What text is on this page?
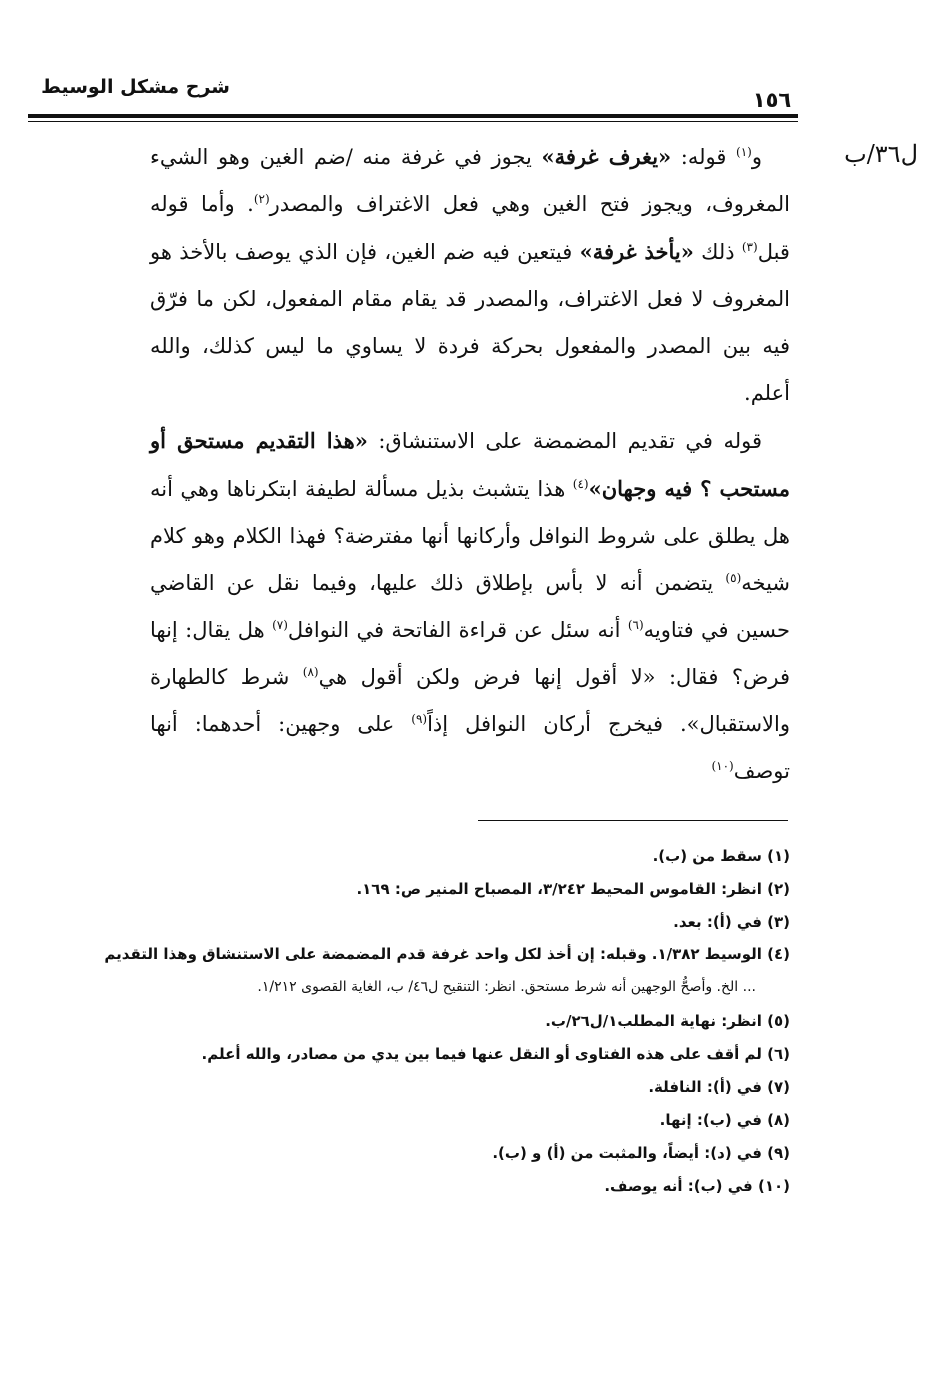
شرح مشكل الوسيط
١٥٦
ل٣٦/ب

و$^{(١)}$ قوله: «يغرف غرفة» يجوز في غرفة منه /ضم الغين وهو الشيء المغروف، ويجوز فتح الغين وهي فعل الاغتراف والمصدر$^{(٢)}$. وأما قوله قبل$^{(٣)}$ ذلك «يأخذ غرفة» فيتعين فيه ضم الغين، فإن الذي يوصف بالأخذ هو المغروف لا فعل الاغتراف، والمصدر قد يقام مقام المفعول، لكن ما فرّق فيه بين المصدر والمفعول بحركة فردة لا يساوي ما ليس كذلك، والله أعلم.

قوله في تقديم المضمضة على الاستنشاق: «هذا التقديم مستحق أو مستحب ؟ فيه وجهان»$^{(٤)}$ هذا يتشبث بذيل مسألة لطيفة ابتكرناها وهي أنه هل يطلق على شروط النوافل وأركانها أنها مفترضة؟ فهذا الكلام وهو كلام شيخه$^{(٥)}$ يتضمن أنه لا بأس بإطلاق ذلك عليها، وفيما نقل عن القاضي حسين في فتاويه$^{(٦)}$ أنه سئل عن قراءة الفاتحة في النوافل$^{(٧)}$ هل يقال: إنها فرض؟ فقال: «لا أقول إنها فرض ولكن أقول هي$^{(٨)}$ شرط كالطهارة والاستقبال». فيخرج أركان النوافل إذاً$^{(٩)}$ على وجهين: أحدهما: أنها توصف$^{(١٠)}$

(١) سقط من (ب).
(٢) انظر: القاموس المحيط ٣/٢٤٢، المصباح المنير ص: ١٦٩.
(٣) في (أ): بعد.
(٤) الوسيط ١/٣٨٢. وقبله: إن أخذ لكل واحد غرفة قدم المضمضة على الاستنشاق وهذا التقديم
... الخ. وأصحُّ الوجهين أنه شرط مستحق. انظر: التنقيح ل٤٦/ ب، الغاية القصوى ١/٢١٢.
(٥) انظر: نهاية المطلب١/ل٢٦/ب.
(٦) لم أقف على هذه الفتاوى أو النقل عنها فيما بين يدي من مصادر، والله أعلم.
(٧) في (أ): النافلة.
(٨) في (ب): إنها.
(٩) في (د): أيضاً، والمثبت من (أ) و (ب).
(١٠) في (ب): أنه يوصف.
